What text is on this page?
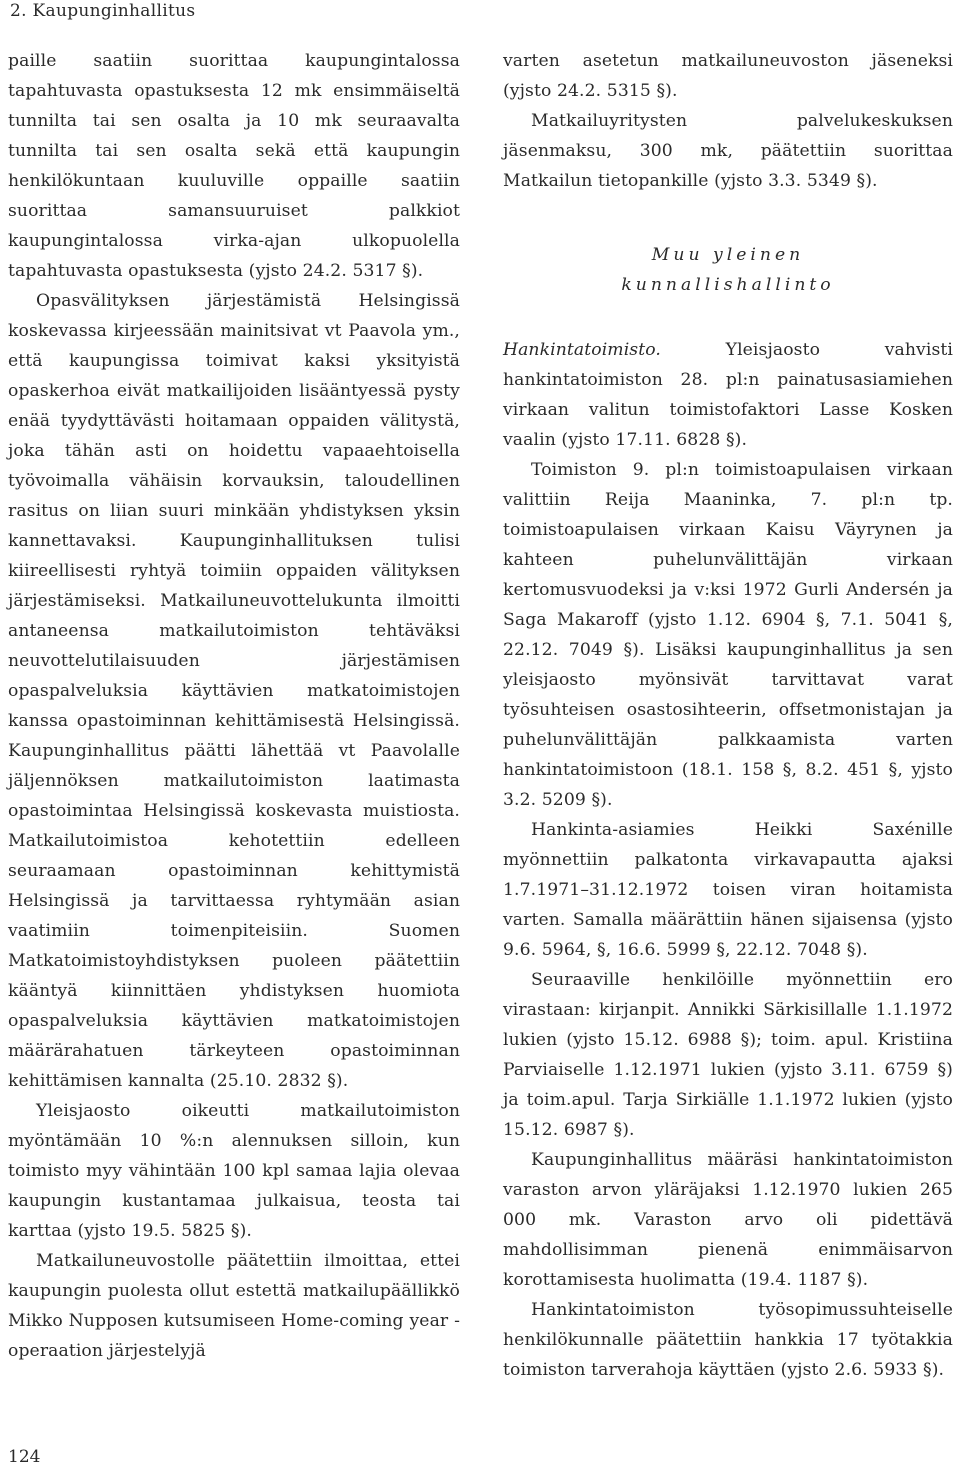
2. Kaupunginhallitus

paille saatiin suorittaa kaupungintalossa tapahtuvasta opastuksesta 12 mk ensimmäiseltä tunnilta tai sen osalta ja 10 mk seuraavalta tunnilta tai sen osalta sekä että kaupungin henkilökuntaan kuuluville oppaille saatiin suorittaa samansuuruiset palkkiot kaupungintalossa virka-ajan ulkopuolella tapahtuvasta opastuksesta (yjsto 24.2. 5317 §).

Opasvälityksen järjestämistä Helsingissä koskevassa kirjeessään mainitsivat vt Paavola ym., että kaupungissa toimivat kaksi yksityistä opaskerhoa eivät matkailijoiden lisääntyessä pysty enää tyydyttävästi hoitamaan oppaiden välitystä, joka tähän asti on hoidettu vapaaehtoisella työvoimalla vähäisin korvauksin, taloudellinen rasitus on liian suuri minkään yhdistyksen yksin kannettavaksi. Kaupunginhallituksen tulisi kiireellisesti ryhtyä toimiin oppaiden välityksen järjestämiseksi. Matkailuneuvottelukunta ilmoitti antaneensa matkailutoimiston tehtäväksi neuvottelutilaisuuden järjestämisen opaspalveluksia käyttävien matkatoimistojen kanssa opastoiminnan kehittämisestä Helsingissä. Kaupunginhallitus päätti lähettää vt Paavolalle jäljennöksen matkailutoimiston laatimasta opastoimintaa Helsingissä koskevasta muistiosta. Matkailutoimistoa kehotettiin edelleen seuraamaan opastoiminnan kehittymistä Helsingissä ja tarvittaessa ryhtymään asian vaatimiin toimenpiteisiin. Suomen Matkatoimistoyhdistyksen puoleen päätettiin kääntyä kiinnittäen yhdistyksen huomiota opaspalveluksia käyttävien matkatoimistojen määrärahatuen tärkeyteen opastoiminnan kehittämisen kannalta (25.10. 2832 §).

Yleisjaosto oikeutti matkailutoimiston myöntämään 10 %:n alennuksen silloin, kun toimisto myy vähintään 100 kpl samaa lajia olevaa kaupungin kustantamaa julkaisua, teosta tai karttaa (yjsto 19.5. 5825 §).

Matkailuneuvostolle päätettiin ilmoittaa, ettei kaupungin puolesta ollut estettä matkailupäällikkö Mikko Nupposen kutsumiseen Home-coming year -operaation järjestelyjä

varten asetetun matkailuneuvoston jäseneksi (yjsto 24.2. 5315 §).

Matkailuyritysten palvelukeskuksen jäsenmaksu, 300 mk, päätettiin suorittaa Matkailun tietopankille (yjsto 3.3. 5349 §).

Muu yleinen
kunnallishallinto

Hankintatoimisto. Yleisjaosto vahvisti hankintatoimiston 28. pl:n painatusasiamiehen virkaan valitun toimistofaktori Lasse Kosken vaalin (yjsto 17.11. 6828 §).

Toimiston 9. pl:n toimistoapulaisen virkaan valittiin Reija Maaninka, 7. pl:n tp. toimistoapulaisen virkaan Kaisu Väyrynen ja kahteen puhelunvälittäjän virkaan kertomusvuodeksi ja v:ksi 1972 Gurli Andersén ja Saga Makaroff (yjsto 1.12. 6904 §, 7.1. 5041 §, 22.12. 7049 §). Lisäksi kaupunginhallitus ja sen yleisjaosto myönsivät tarvittavat varat työsuhteisen osastosihteerin, offsetmonistajan ja puhelunvälittäjän palkkaamista varten hankintatoimistoon (18.1. 158 §, 8.2. 451 §, yjsto 3.2. 5209 §).

Hankinta-asiamies Heikki Saxénille myönnettiin palkatonta virkavapautta ajaksi 1.7.1971–31.12.1972 toisen viran hoitamista varten. Samalla määrättiin hänen sijaisensa (yjsto 9.6. 5964, §, 16.6. 5999 §, 22.12. 7048 §).

Seuraaville henkilöille myönnettiin ero virastaan: kirjanpit. Annikki Särkisillalle 1.1.1972 lukien (yjsto 15.12. 6988 §); toim. apul. Kristiina Parviaiselle 1.12.1971 lukien (yjsto 3.11. 6759 §) ja toim.apul. Tarja Sirkiälle 1.1.1972 lukien (yjsto 15.12. 6987 §).

Kaupunginhallitus määräsi hankintatoimiston varaston arvon yläräjaksi 1.12.1970 lukien 265 000 mk. Varaston arvo oli pidettävä mahdollisimman pienenä enimmäisarvon korottamisesta huolimatta (19.4. 1187 §).

Hankintatoimiston työsopimussuhteiselle henkilökunnalle päätettiin hankkia 17 työtakkia toimiston tarverahoja käyttäen (yjsto 2.6. 5933 §).

124
